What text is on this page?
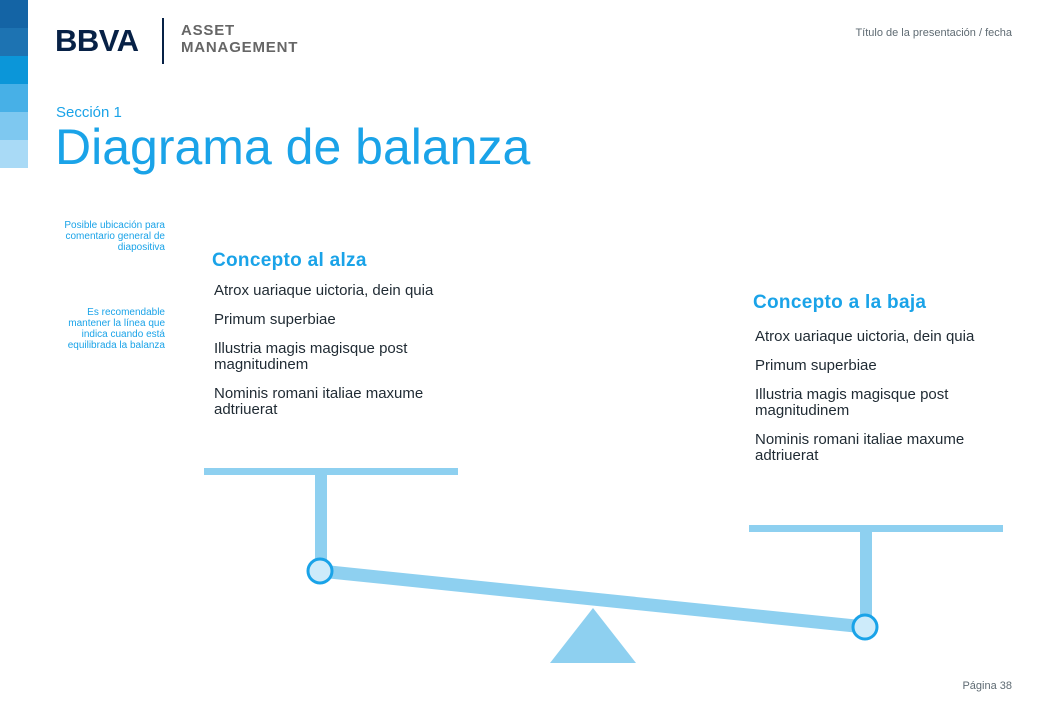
BBVA	ASSET
MANAGEMENT
Título de la presentación / fecha
Sección 1
Diagrama de balanza
Posible ubicación para comentario general de diapositiva
Es recomendable mantener la línea que indica cuando está equilibrada la balanza
Concepto al alza
Atrox uariaque uictoria, dein quia
Primum superbiae
Illustria magis magisque post magnitudinem
Nominis romani italiae maxume adtriuerat
Concepto a la baja
Atrox uariaque uictoria, dein quia
Primum superbiae
Illustria magis magisque post magnitudinem
Nominis romani italiae maxume adtriuerat
Página 38
